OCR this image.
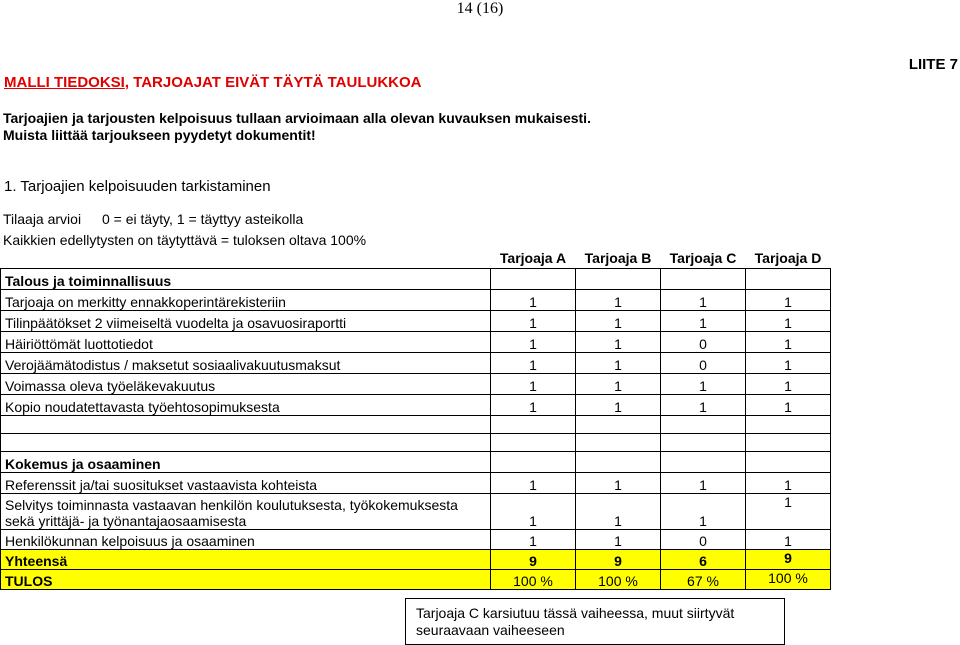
14 (16)
LIITE 7
MALLI TIEDOKSI, TARJOAJAT EIVÄT TÄYTÄ TAULUKKOA
Tarjoajien ja tarjousten kelpoisuus tullaan arvioimaan alla olevan kuvauksen mukaisesti.
Muista liittää tarjoukseen pyydetyt dokumentit!
1. Tarjoajien kelpoisuuden tarkistaminen
Tilaaja arvioi 0 = ei täyty, 1 = täyttyy asteikolla
Kaikkien edellytysten on täytyttävä = tuloksen oltava 100%
	Tarjoaja A	Tarjoaja B	Tarjoaja C	Tarjoaja D
Talous ja toiminnallisuus				
Tarjoaja on merkitty ennakkoperintärekisteriin	1	1	1	1
Tilinpäätökset 2 viimeiseltä vuodelta ja osavuosiraportti	1	1	1	1
Häiriöttömät luottotiedot	1	1	0	1
Verojäämätodistus / maksetut sosiaalivakuutusmaksut	1	1	0	1
Voimassa oleva työeläkevakuutus	1	1	1	1
Kopio noudatettavasta työehtosopimuksesta	1	1	1	1

Kokemus ja osaaminen				
Referenssit ja/tai suositukset vastaavista kohteista	1	1	1	1

Selvitys toiminnasta vastaavan henkilön koulutuksesta, työkokemuksesta
sekä yrittäjä- ja työnantajaosaamisesta	1	1	1	1
Henkilökunnan kelpoisuus ja osaaminen	1	1	0	1
Yhteensä	9	9	6	9
TULOS	100 %	100 %	67 %	100 %
Tarjoaja C karsiutuu tässä vaiheessa, muut siirtyvät
seuraavaan vaiheeseen
